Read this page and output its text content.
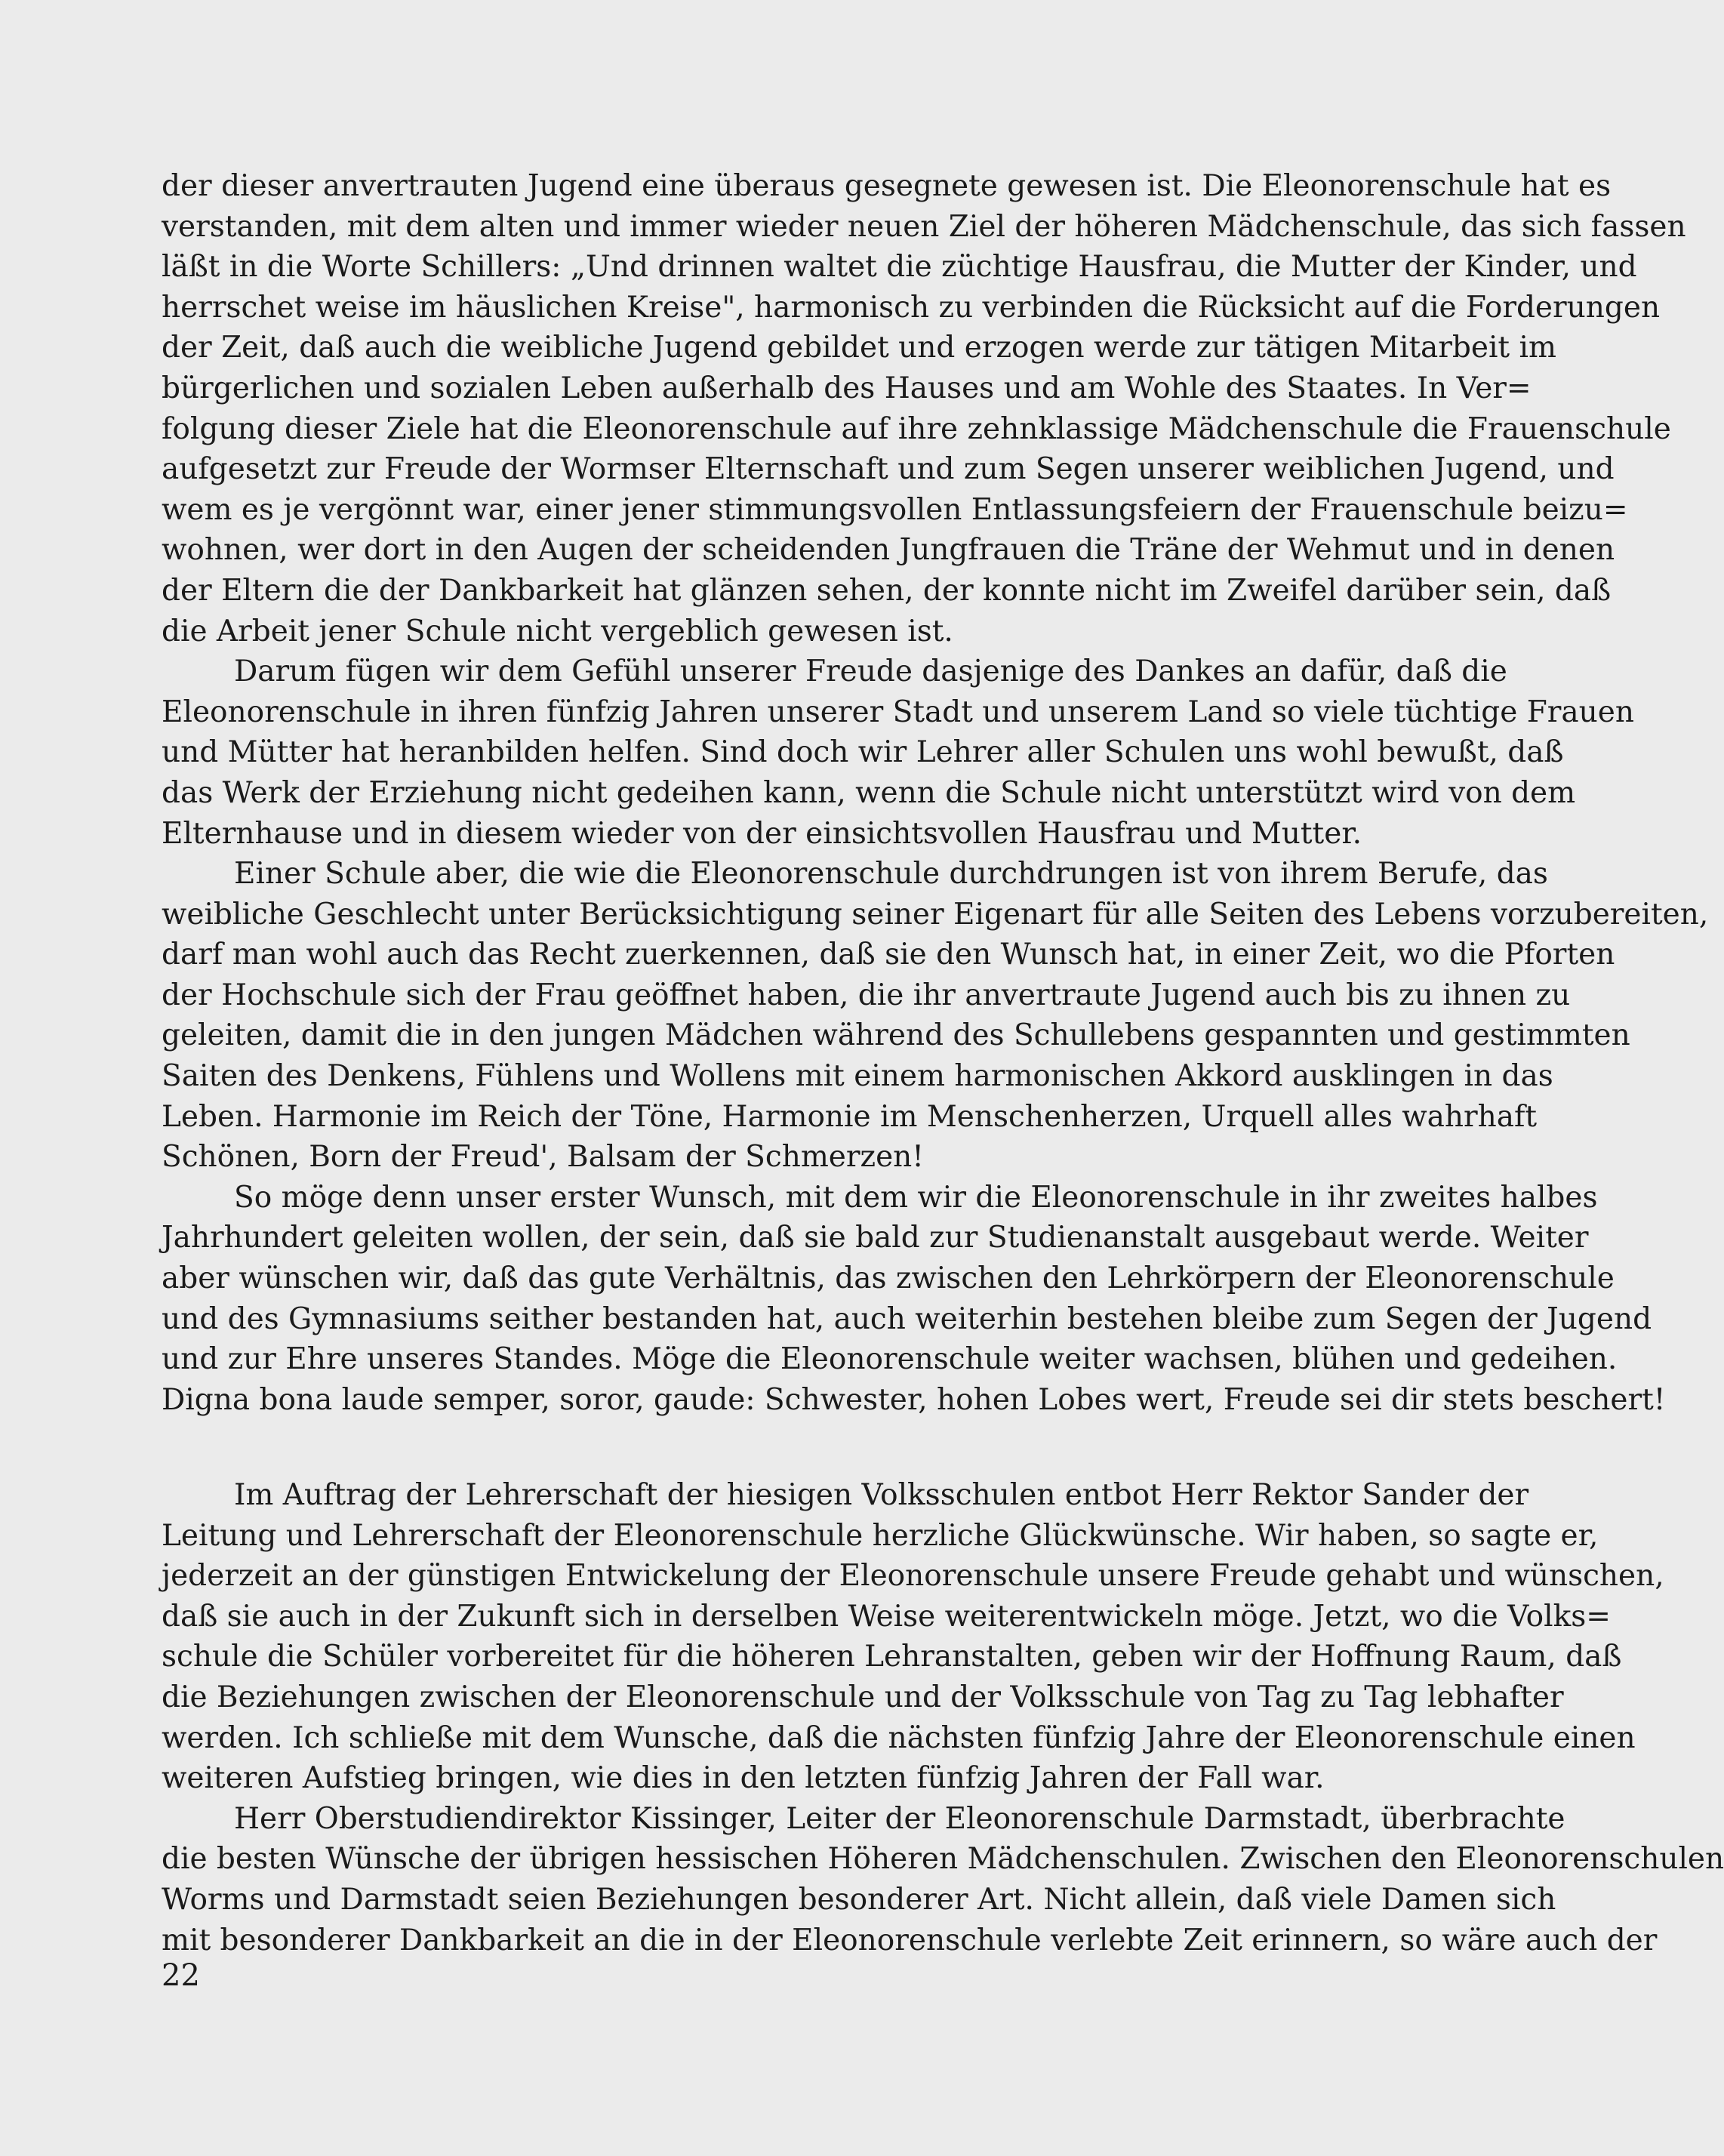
der dieser anvertrauten Jugend eine überaus gesegnete gewesen ist. Die Eleonorenschule hat es

verstanden, mit dem alten und immer wieder neuen Ziel der höheren Mädchenschule, das sich fassen

läßt in die Worte Schillers: „Und drinnen waltet die züchtige Hausfrau, die Mutter der Kinder, und

herrschet weise im häuslichen Kreise", harmonisch zu verbinden die Rücksicht auf die Forderungen

der Zeit, daß auch die weibliche Jugend gebildet und erzogen werde zur tätigen Mitarbeit im

bürgerlichen und sozialen Leben außerhalb des Hauses und am Wohle des Staates. In Ver=

folgung dieser Ziele hat die Eleonorenschule auf ihre zehnklassige Mädchenschule die Frauenschule

aufgesetzt zur Freude der Wormser Elternschaft und zum Segen unserer weiblichen Jugend, und

wem es je vergönnt war, einer jener stimmungsvollen Entlassungsfeiern der Frauenschule beizu=

wohnen, wer dort in den Augen der scheidenden Jungfrauen die Träne der Wehmut und in denen

der Eltern die der Dankbarkeit hat glänzen sehen, der konnte nicht im Zweifel darüber sein, daß

die Arbeit jener Schule nicht vergeblich gewesen ist.

Darum fügen wir dem Gefühl unserer Freude dasjenige des Dankes an dafür, daß die

Eleonorenschule in ihren fünfzig Jahren unserer Stadt und unserem Land so viele tüchtige Frauen

und Mütter hat heranbilden helfen. Sind doch wir Lehrer aller Schulen uns wohl bewußt, daß

das Werk der Erziehung nicht gedeihen kann, wenn die Schule nicht unterstützt wird von dem

Elternhause und in diesem wieder von der einsichtsvollen Hausfrau und Mutter.

Einer Schule aber, die wie die Eleonorenschule durchdrungen ist von ihrem Berufe, das

weibliche Geschlecht unter Berücksichtigung seiner Eigenart für alle Seiten des Lebens vorzubereiten,

darf man wohl auch das Recht zuerkennen, daß sie den Wunsch hat, in einer Zeit, wo die Pforten

der Hochschule sich der Frau geöffnet haben, die ihr anvertraute Jugend auch bis zu ihnen zu

geleiten, damit die in den jungen Mädchen während des Schullebens gespannten und gestimmten

Saiten des Denkens, Fühlens und Wollens mit einem harmonischen Akkord ausklingen in das

Leben. Harmonie im Reich der Töne, Harmonie im Menschenherzen, Urquell alles wahrhaft

Schönen, Born der Freud', Balsam der Schmerzen!

So möge denn unser erster Wunsch, mit dem wir die Eleonorenschule in ihr zweites halbes

Jahrhundert geleiten wollen, der sein, daß sie bald zur Studienanstalt ausgebaut werde. Weiter

aber wünschen wir, daß das gute Verhältnis, das zwischen den Lehrkörpern der Eleonorenschule

und des Gymnasiums seither bestanden hat, auch weiterhin bestehen bleibe zum Segen der Jugend

und zur Ehre unseres Standes. Möge die Eleonorenschule weiter wachsen, blühen und gedeihen.

Digna bona laude semper, soror, gaude: Schwester, hohen Lobes wert, Freude sei dir stets beschert!

Im Auftrag der Lehrerschaft der hiesigen Volksschulen entbot Herr Rektor Sander der

Leitung und Lehrerschaft der Eleonorenschule herzliche Glückwünsche. Wir haben, so sagte er,

jederzeit an der günstigen Entwickelung der Eleonorenschule unsere Freude gehabt und wünschen,

daß sie auch in der Zukunft sich in derselben Weise weiterentwickeln möge. Jetzt, wo die Volks=

schule die Schüler vorbereitet für die höheren Lehranstalten, geben wir der Hoffnung Raum, daß

die Beziehungen zwischen der Eleonorenschule und der Volksschule von Tag zu Tag lebhafter

werden. Ich schließe mit dem Wunsche, daß die nächsten fünfzig Jahre der Eleonorenschule einen

weiteren Aufstieg bringen, wie dies in den letzten fünfzig Jahren der Fall war.

Herr Oberstudiendirektor Kissinger, Leiter der Eleonorenschule Darmstadt, überbrachte

die besten Wünsche der übrigen hessischen Höheren Mädchenschulen. Zwischen den Eleonorenschulen

Worms und Darmstadt seien Beziehungen besonderer Art. Nicht allein, daß viele Damen sich

mit besonderer Dankbarkeit an die in der Eleonorenschule verlebte Zeit erinnern, so wäre auch der

22
